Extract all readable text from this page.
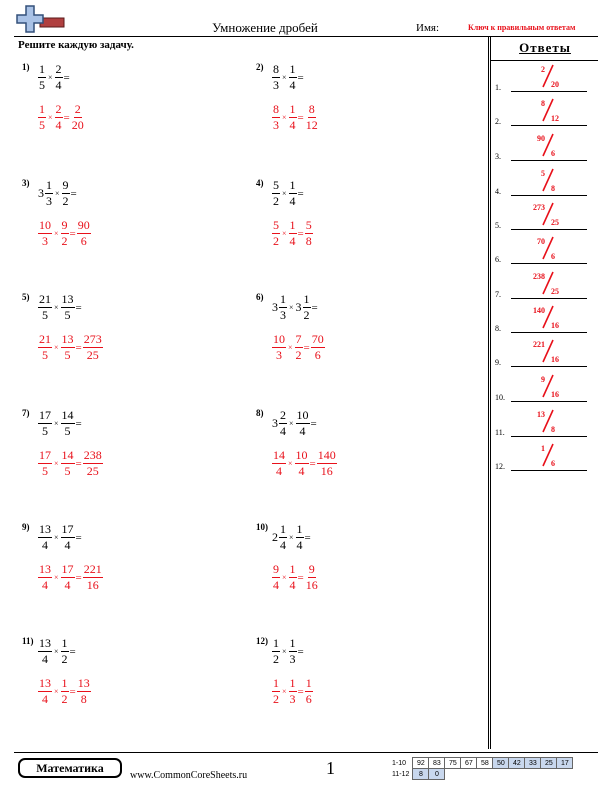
Умножение дробей	Имя:	Ключ к правильным ответам
Решите каждую задачу.
$1) \frac{1}{5} \times \frac{2}{4}$ =
$\frac{1}{5} \times \frac{2}{4} = \frac{2}{20}$
$2) \frac{8}{3} \times \frac{1}{4}$ =
$\frac{8}{3} \times \frac{1}{4} = \frac{8}{12}$
3)
$3 \frac{1}{3} \times \frac{9}{2}$ =
$\frac{10}{3} \times \frac{9}{2} = \frac{90}{6}$
$4) \frac{5}{2} \times \frac{1}{4}$ =
$\frac{5}{2} \times \frac{1}{4} = \frac{5}{8}$
$5) \frac{21}{5} \times \frac{13}{5}$ =
$\frac{21}{5} \times \frac{13}{5} = \frac{273}{25}$
6)
$3 \frac{1}{3} \times 3 \frac{1}{2}$ =
$\frac{10}{3} \times \frac{7}{2} = \frac{70}{6}$
$7) \frac{17}{5} \times \frac{14}{5}$ =
$\frac{17}{5} \times \frac{14}{5} = \frac{238}{25}$
8)
$3 \frac{2}{4} \times \frac{10}{4}$ =
$\frac{14}{4} \times \frac{10}{4} = \frac{140}{16}$
$9) \frac{13}{4} \times \frac{17}{4}$ =
$\frac{13}{4} \times \frac{17}{4} = \frac{221}{16}$
10)
$2 \frac{1}{4} \times \frac{1}{4}$ =
$\frac{9}{4} \times \frac{1}{4} = \frac{9}{16}$
$11) \frac{13}{4} \times \frac{1}{2}$ =
$\frac{13}{4} \times \frac{1}{2} = \frac{13}{8}$
$12) \frac{1}{2} \times \frac{1}{3}$ =
$\frac{1}{2} \times \frac{1}{3} = \frac{1}{6}$
Ответы
1.
2
20
2.
8
12
3.
90
6
4.
5
8
5.
273
25
6.
70
6
7.
238
25
8.
140
16
9.
221
16
10.
9
16
11.
13
8
12.
1
6
Математика
www.CommonCoreSheets.ru	1	1-10	92	83	75	67	58	50	42	33	25	17
11-12	8	0								
